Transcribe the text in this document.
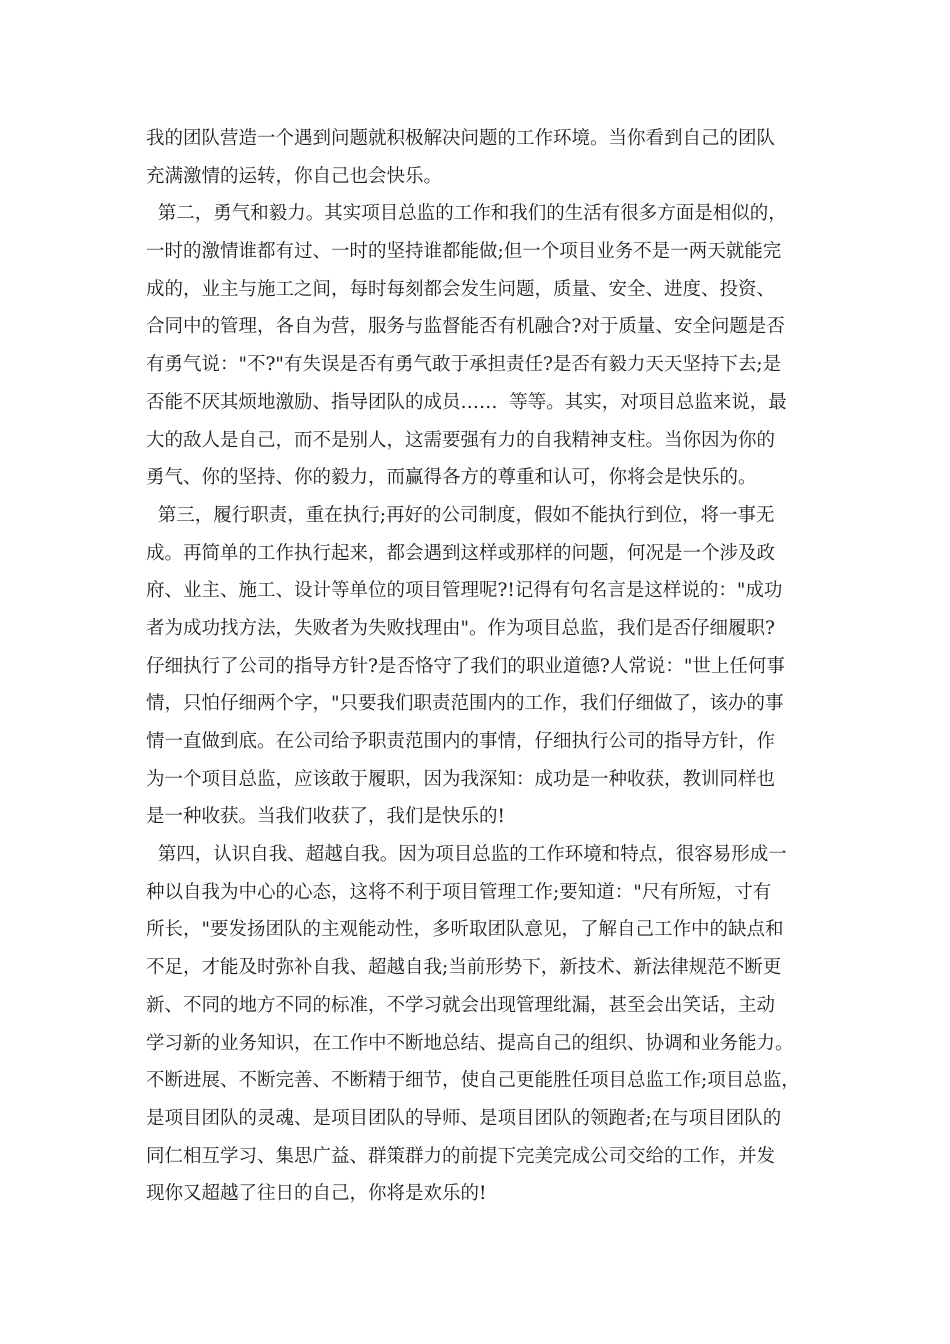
我的团队营造一个遇到问题就积极解决问题的工作环境。当你看到自己的团队
充满激情的运转，你自己也会快乐。
第二，勇气和毅力。其实项目总监的工作和我们的生活有很多方面是相似的，
一时的激情谁都有过、一时的坚持谁都能做;但一个项目业务不是一两天就能完
成的，业主与施工之间，每时每刻都会发生问题，质量、安全、进度、投资、
合同中的管理，各自为营，服务与监督能否有机融合?对于质量、安全问题是否
有勇气说："不?"有失误是否有勇气敢于承担责任?是否有毅力天天坚持下去;是
否能不厌其烦地激励、指导团队的成员……  等等。其实，对项目总监来说，最
大的敌人是自己，而不是别人，这需要强有力的自我精神支柱。当你因为你的
勇气、你的坚持、你的毅力，而赢得各方的尊重和认可，你将会是快乐的。
第三，履行职责，重在执行;再好的公司制度，假如不能执行到位，将一事无
成。再简单的工作执行起来，都会遇到这样或那样的问题，何况是一个涉及政
府、业主、施工、设计等单位的项目管理呢?!记得有句名言是这样说的："成功
者为成功找方法，失败者为失败找理由"。作为项目总监，我们是否仔细履职?
仔细执行了公司的指导方针?是否恪守了我们的职业道德?人常说："世上任何事
情，只怕仔细两个字，"只要我们职责范围内的工作，我们仔细做了，该办的事
情一直做到底。在公司给予职责范围内的事情，仔细执行公司的指导方针，作
为一个项目总监，应该敢于履职，因为我深知：成功是一种收获，教训同样也
是一种收获。当我们收获了，我们是快乐的!
第四，认识自我、超越自我。因为项目总监的工作环境和特点，很容易形成一
种以自我为中心的心态，这将不利于项目管理工作;要知道："尺有所短，寸有
所长，"要发扬团队的主观能动性，多听取团队意见，了解自己工作中的缺点和
不足，才能及时弥补自我、超越自我;当前形势下，新技术、新法律规范不断更
新、不同的地方不同的标准，不学习就会出现管理纰漏，甚至会出笑话，主动
学习新的业务知识，在工作中不断地总结、提高自己的组织、协调和业务能力。
不断进展、不断完善、不断精于细节，使自己更能胜任项目总监工作;项目总监，
是项目团队的灵魂、是项目团队的导师、是项目团队的领跑者;在与项目团队的
同仁相互学习、集思广益、群策群力的前提下完美完成公司交给的工作，并发
现你又超越了往日的自己，你将是欢乐的!
